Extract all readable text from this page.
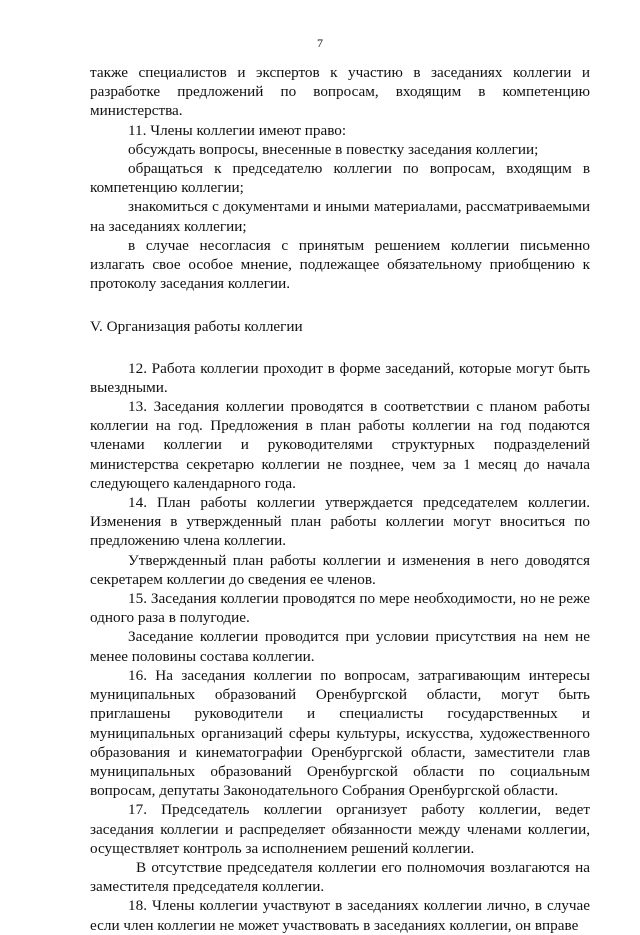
7

также специалистов и экспертов к участию в заседаниях коллегии и разработке предложений по вопросам, входящим в компетенцию министерства.

11. Члены коллегии имеют право:

обсуждать вопросы, внесенные в повестку заседания коллегии;

обращаться к председателю коллегии по вопросам, входящим в компетенцию коллегии;

знакомиться с документами и иными материалами, рассматриваемыми на заседаниях коллегии;

в случае несогласия с принятым решением коллегии письменно излагать свое особое мнение, подлежащее обязательному приобщению к протоколу заседания коллегии.

V. Организация работы коллегии

12. Работа коллегии проходит в форме заседаний, которые могут быть выездными.

13. Заседания коллегии проводятся в соответствии с планом работы коллегии на год. Предложения в план работы коллегии на год подаются членами коллегии и руководителями структурных подразделений министерства секретарю коллегии не позднее, чем за 1 месяц до начала следующего календарного года.

14. План работы коллегии утверждается председателем коллегии. Изменения в утвержденный план работы коллегии могут вноситься по предложению члена коллегии.

Утвержденный план работы коллегии и изменения в него доводятся секретарем коллегии до сведения ее членов.

15. Заседания коллегии проводятся по мере необходимости, но не реже одного раза в полугодие.

Заседание коллегии проводится при условии присутствия на нем не менее половины состава коллегии.

16. На заседания коллегии по вопросам, затрагивающим интересы муниципальных образований Оренбургской области, могут быть приглашены руководители и специалисты государственных и муниципальных организаций сферы культуры, искусства, художественного образования и кинематографии Оренбургской области, заместители глав муниципальных образований Оренбургской области по социальным вопросам, депутаты Законодательного Собрания Оренбургской области.

17. Председатель коллегии организует работу коллегии, ведет заседания коллегии и распределяет обязанности между членами коллегии, осуществляет контроль за исполнением решений коллегии.

В отсутствие председателя коллегии его полномочия возлагаются на заместителя председателя коллегии.

18. Члены коллегии участвуют в заседаниях коллегии лично, в случае если член коллегии не может участвовать в заседаниях коллегии, он вправе
